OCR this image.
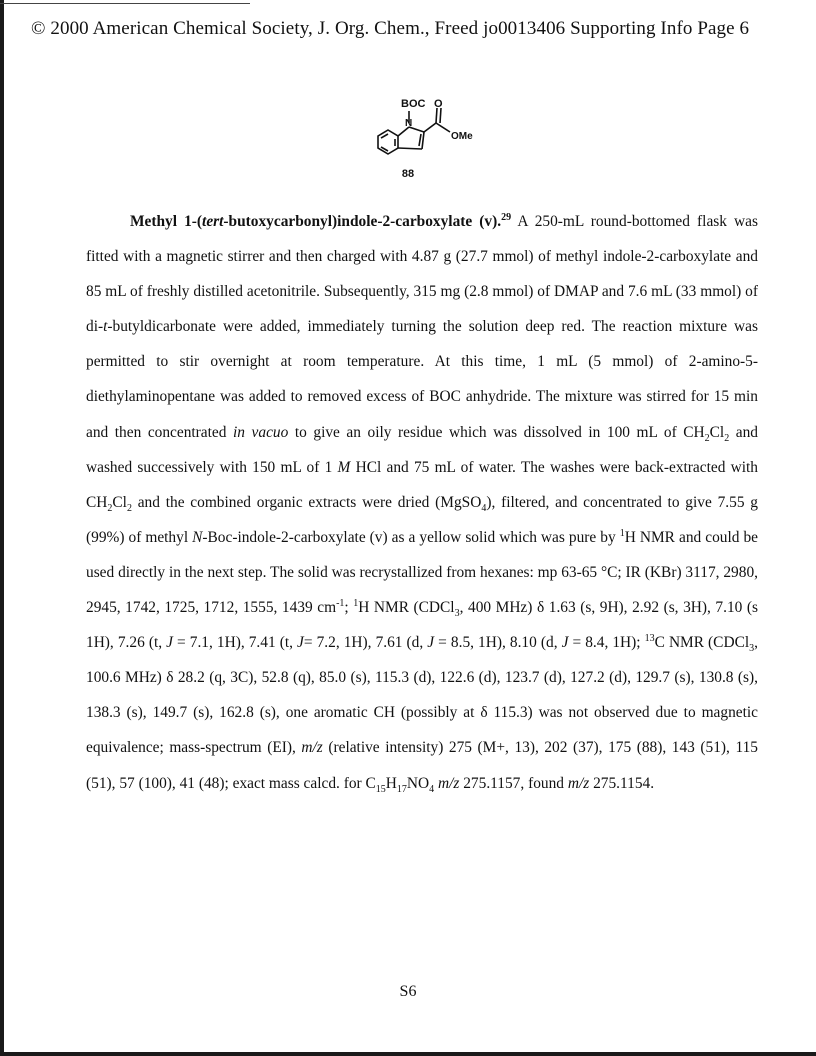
© 2000 American Chemical Society, J. Org. Chem., Freed jo0013406 Supporting Info Page 6
BOC
N
O
OMe
88

Methyl 1-(tert-butoxycarbonyl)indole-2-carboxylate (v).$^{29}$ A 250-mL round-bottomed flask was fitted with a magnetic stirrer and then charged with 4.87 g (27.7 mmol) of methyl indole-2-carboxylate and 85 mL of freshly distilled acetonitrile. Subsequently, 315 mg (2.8 mmol) of DMAP and 7.6 mL (33 mmol) of di-t-butyldicarbonate were added, immediately turning the solution deep red. The reaction mixture was permitted to stir overnight at room temperature. At this time, 1 mL (5 mmol) of 2-amino-5-diethylaminopentane was added to removed excess of BOC anhydride. The mixture was stirred for 15 min and then concentrated in vacuo to give an oily residue which was dissolved in 100 mL of $CH_2Cl_2$ and washed successively with 150 mL of 1 M HCl and 75 mL of water. The washes were back-extracted with $CH_2Cl_2$ and the combined organic extracts were dried (MgSO$_4$), filtered, and concentrated to give 7.55 g (99%) of methyl N-Boc-indole-2-carboxylate (v) as a yellow solid which was pure by $^1$H NMR and could be used directly in the next step. The solid was recrystallized from hexanes: mp 63-65 °C; IR (KBr) 3117, 2980, 2945, 1742, 1725, 1712, 1555, 1439 $cm^{-1}$; $^1$H NMR (CDCl$_3$, 400 MHz) δ 1.63 (s, 9H), 2.92 (s, 3H), 7.10 (s 1H), 7.26 (t, J = 7.1, 1H), 7.41 (t, J= 7.2, 1H), 7.61 (d, J = 8.5, 1H), 8.10 (d, J = 8.4, 1H); $^{13}$C NMR (CDCl$_3$, 100.6 MHz) δ 28.2 (q, 3C), 52.8 (q), 85.0 (s), 115.3 (d), 122.6 (d), 123.7 (d), 127.2 (d), 129.7 (s), 130.8 (s), 138.3 (s), 149.7 (s), 162.8 (s), one aromatic CH (possibly at δ 115.3) was not observed due to magnetic equivalence; mass-spectrum (EI), m/z (relative intensity) 275 (M+, 13), 202 (37), 175 (88), 143 (51), 115 (51), 57 (100), 41 (48); exact mass calcd. for $C_{15}H_{17}NO_4$ m/z 275.1157, found m/z 275.1154.

S6
